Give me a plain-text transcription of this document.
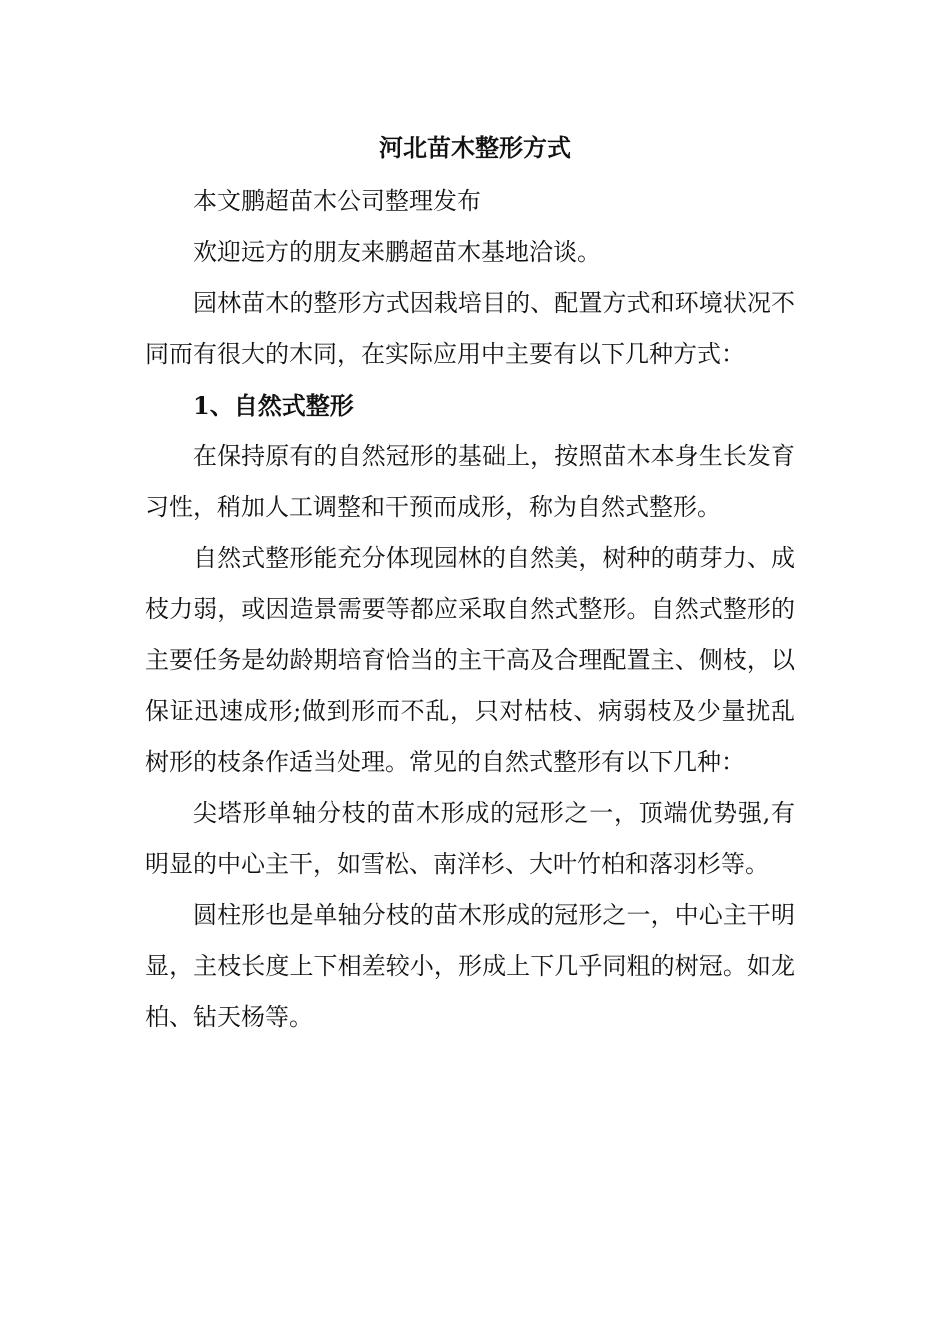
河北苗木整形方式

本文鹏超苗木公司整理发布

欢迎远方的朋友来鹏超苗木基地洽谈。

园林苗木的整形方式因栽培目的、配置方式和环境状况不同而有很大的木同，在实际应用中主要有以下几种方式：

1、自然式整形

在保持原有的自然冠形的基础上，按照苗木本身生长发育习性，稍加人工调整和干预而成形，称为自然式整形。

自然式整形能充分体现园林的自然美，树种的萌芽力、成枝力弱，或因造景需要等都应采取自然式整形。自然式整形的主要任务是幼龄期培育恰当的主干高及合理配置主、侧枝，以保证迅速成形;做到形而不乱，只对枯枝、病弱枝及少量扰乱树形的枝条作适当处理。常见的自然式整形有以下几种：

尖塔形单轴分枝的苗木形成的冠形之一，顶端优势强,有明显的中心主干，如雪松、南洋杉、大叶竹柏和落羽杉等。

圆柱形也是单轴分枝的苗木形成的冠形之一，中心主干明显，主枝长度上下相差较小，形成上下几乎同粗的树冠。如龙柏、钻天杨等。
